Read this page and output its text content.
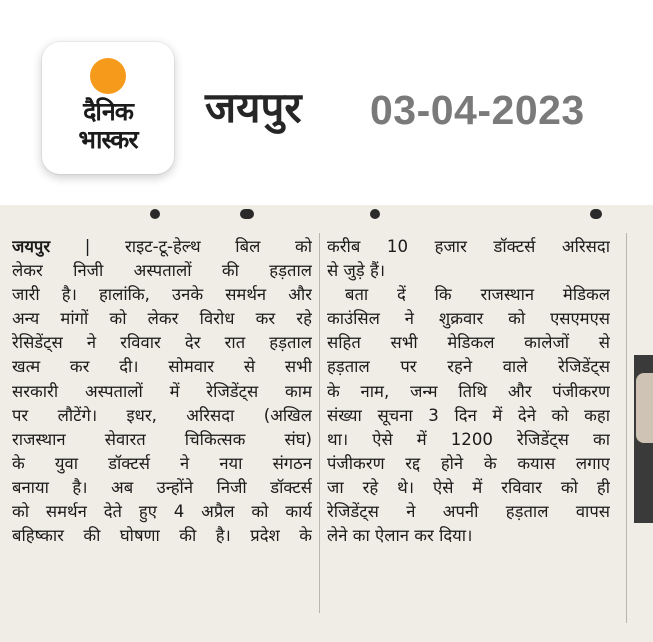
दैनिक
भास्कर
जयपुर 03-04-2023
जयपुर | राइट-टू-हेल्थ बिल को
लेकर निजी अस्पतालों की हड़ताल
जारी है। हालांकि, उनके समर्थन और
अन्य मांगों को लेकर विरोध कर रहे
रेसिडेंट्स ने रविवार देर रात हड़ताल
खत्म कर दी। सोमवार से सभी
सरकारी अस्पतालों में रेजिडेंट्स काम
पर लौटेंगे। इधर, अरिसदा (अखिल
राजस्थान सेवारत चिकित्सक संघ)
के युवा डॉक्टर्स ने नया संगठन
बनाया है। अब उन्होंने निजी डॉक्टर्स
को समर्थन देते हुए 4 अप्रैल को कार्य
बहिष्कार की घोषणा की है। प्रदेश के
करीब 10 हजार डॉक्टर्स अरिसदा
से जुड़े हैं।
बता दें कि राजस्थान मेडिकल
काउंसिल ने शुक्रवार को एसएमएस
सहित सभी मेडिकल कालेजों से
हड़ताल पर रहने वाले रेजिडेंट्स
के नाम, जन्म तिथि और पंजीकरण
संख्या सूचना 3 दिन में देने को कहा
था। ऐसे में 1200 रेजिडेंट्स का
पंजीकरण रद्द होने के कयास लगाए
जा रहे थे। ऐसे में रविवार को ही
रेजिडेंट्स ने अपनी हड़ताल वापस
लेने का ऐलान कर दिया।
